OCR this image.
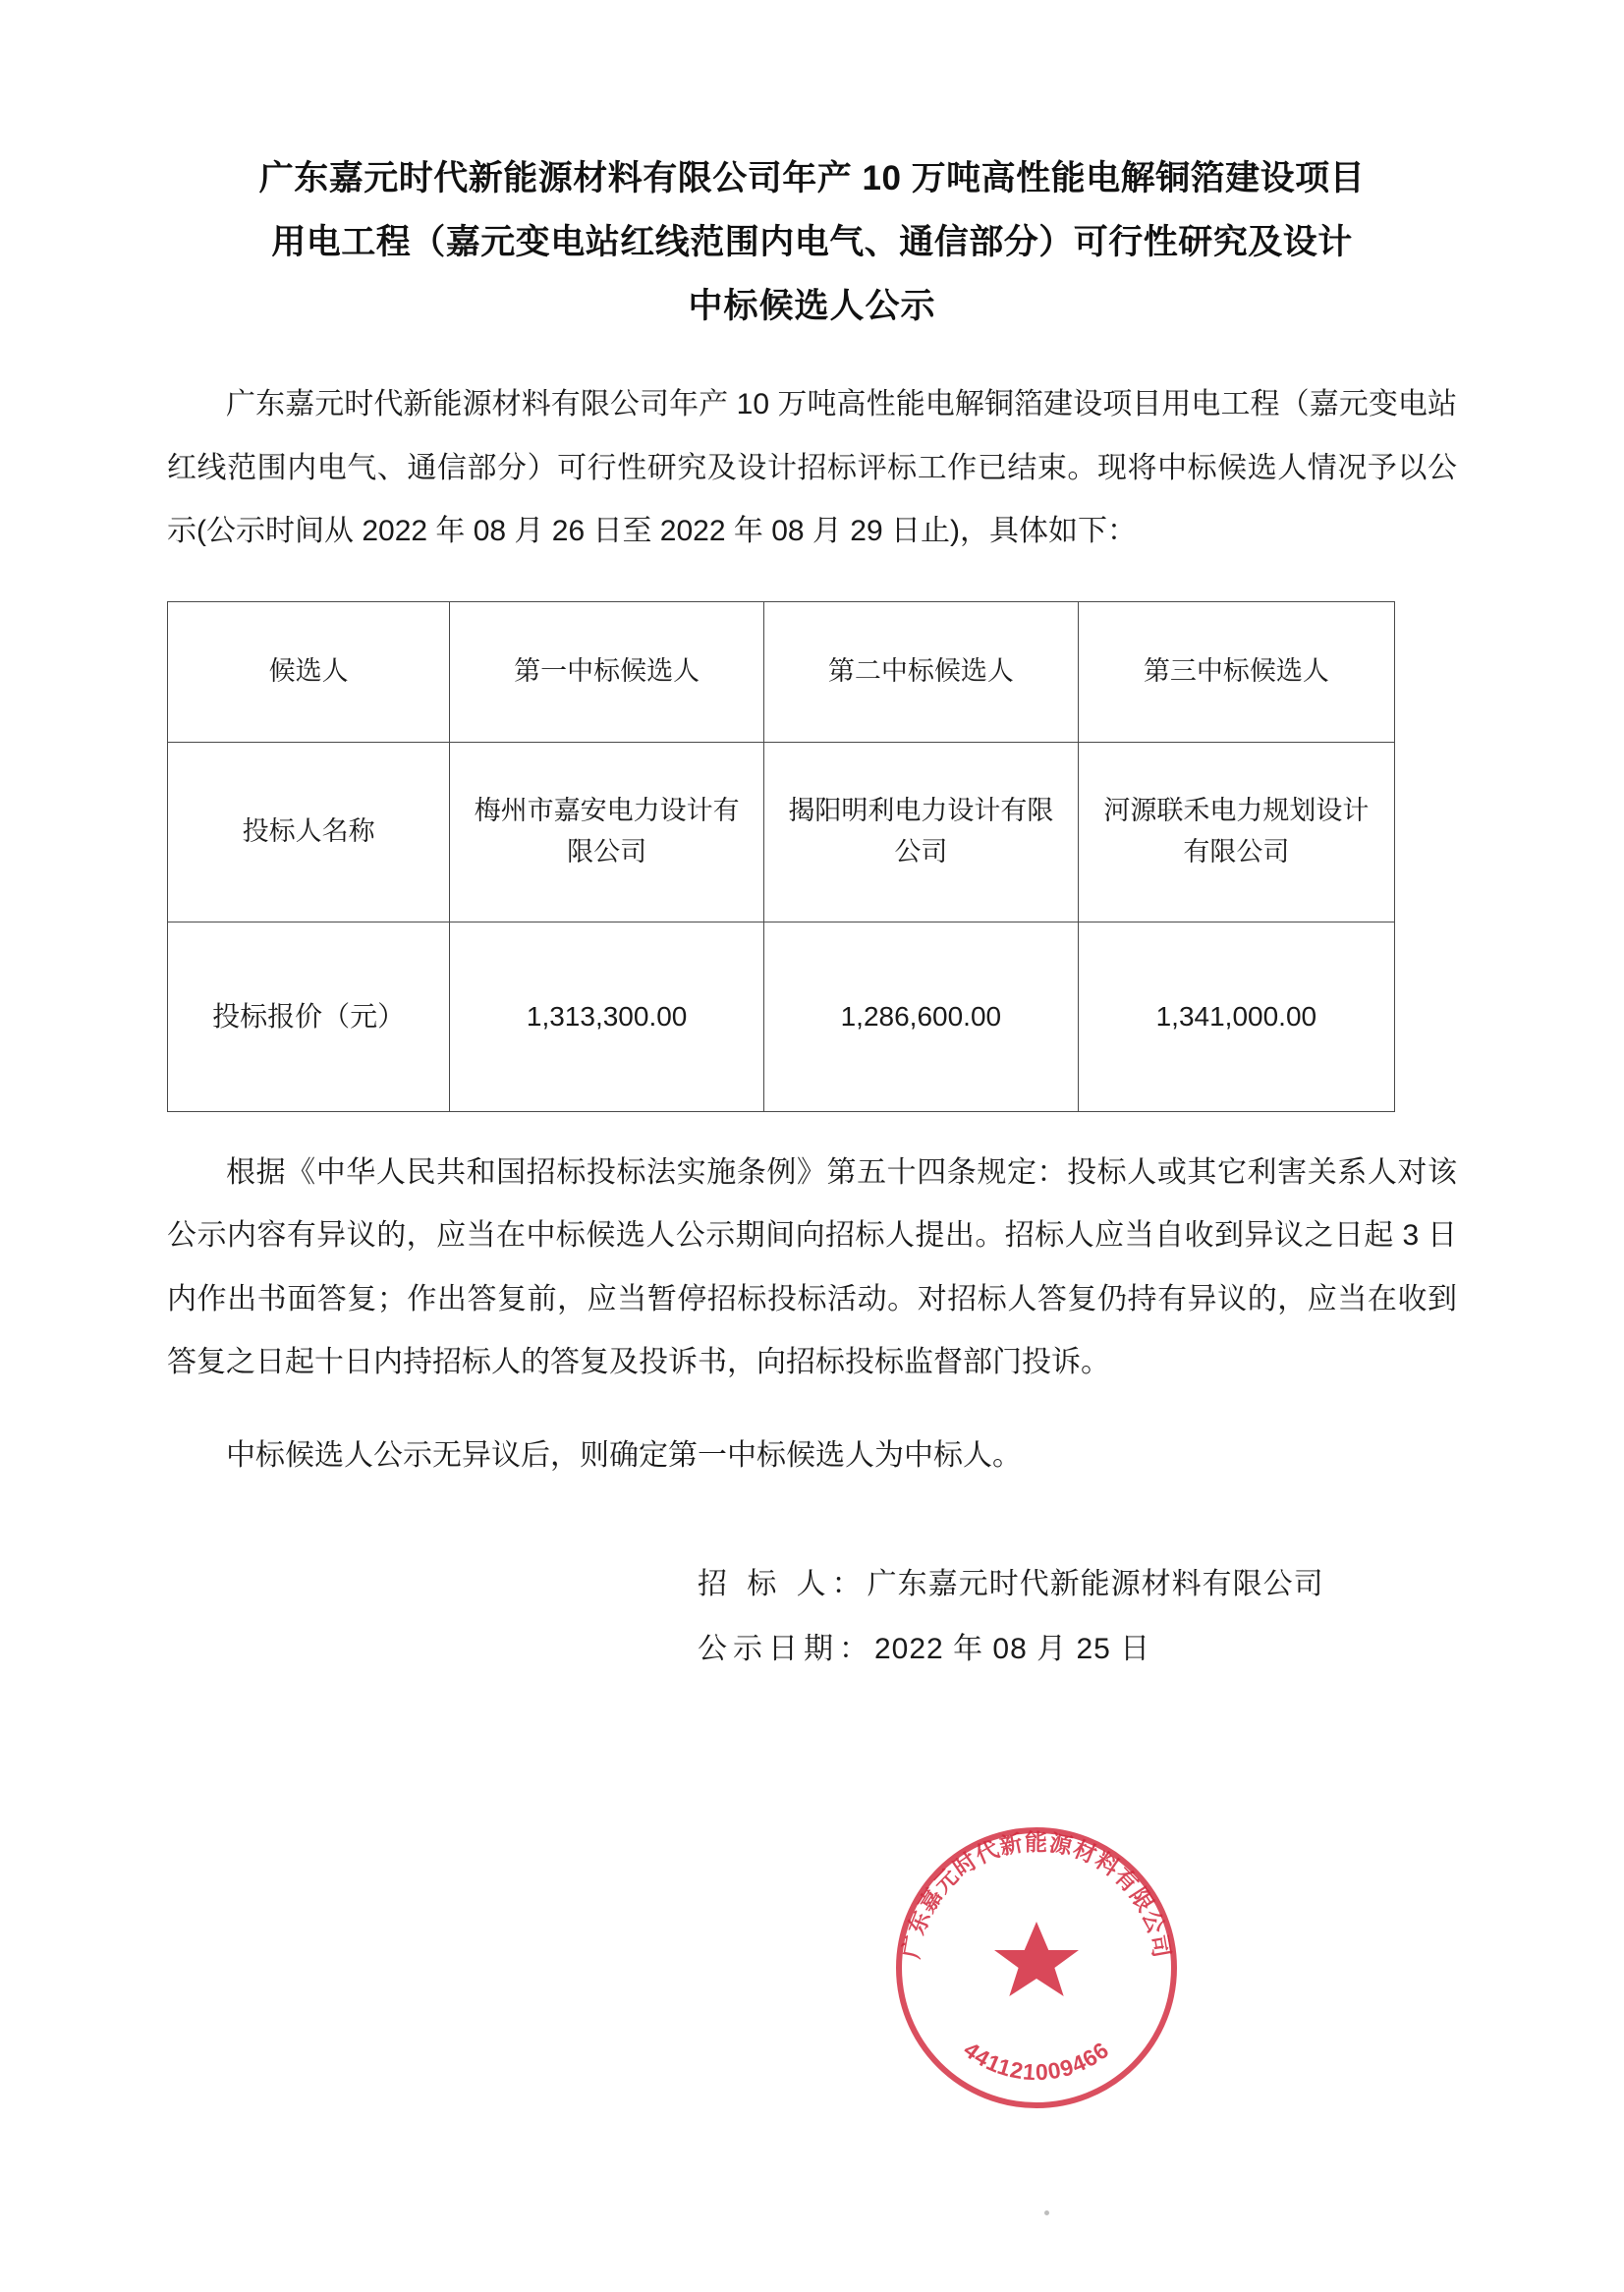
广东嘉元时代新能源材料有限公司年产 10 万吨高性能电解铜箔建设项目
用电工程（嘉元变电站红线范围内电气、通信部分）可行性研究及设计
中标候选人公示

广东嘉元时代新能源材料有限公司年产 10 万吨高性能电解铜箔建设项目用电工程（嘉元变电站红线范围内电气、通信部分）可行性研究及设计招标评标工作已结束。现将中标候选人情况予以公示(公示时间从 2022 年 08 月 26 日至 2022 年 08 月 29 日止)，具体如下：

候选人	第一中标候选人	第二中标候选人	第三中标候选人
投标人名称	梅州市嘉安电力设计有限公司	揭阳明利电力设计有限公司	河源联禾电力规划设计有限公司
投标报价（元）	1,313,300.00	1,286,600.00	1,341,000.00

根据《中华人民共和国招标投标法实施条例》第五十四条规定：投标人或其它利害关系人对该公示内容有异议的，应当在中标候选人公示期间向招标人提出。招标人应当自收到异议之日起 3 日内作出书面答复；作出答复前，应当暂停招标投标活动。对招标人答复仍持有异议的，应当在收到答复之日起十日内持招标人的答复及投诉书，向招标投标监督部门投诉。

中标候选人公示无异议后，则确定第一中标候选人为中标人。

招 标 人：广东嘉元时代新能源材料有限公司
公示日期：2022 年 08 月 25 日
广东嘉元时代新能源材料有限公司
441121009466
